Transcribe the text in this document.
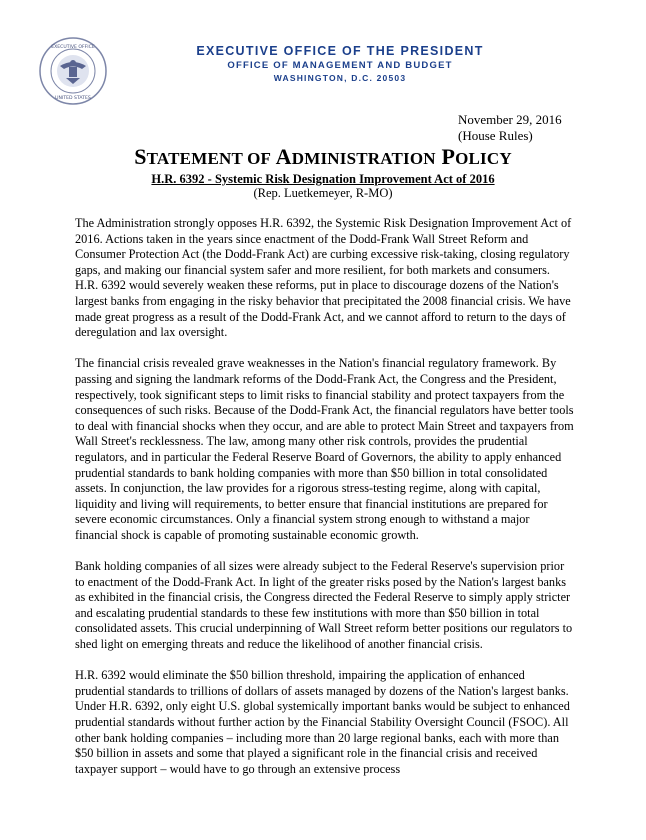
EXECUTIVE OFFICE
UNITED STATES
EXECUTIVE OFFICE OF THE PRESIDENT
OFFICE OF MANAGEMENT AND BUDGET
WASHINGTON, D.C. 20503
November 29, 2016
(House Rules)
STATEMENT OF ADMINISTRATION POLICY
H.R. 6392 - Systemic Risk Designation Improvement Act of 2016
(Rep. Luetkemeyer, R-MO)

The Administration strongly opposes H.R. 6392, the Systemic Risk Designation Improvement Act of 2016. Actions taken in the years since enactment of the Dodd-Frank Wall Street Reform and Consumer Protection Act (the Dodd-Frank Act) are curbing excessive risk-taking, closing regulatory gaps, and making our financial system safer and more resilient, for both markets and consumers. H.R. 6392 would severely weaken these reforms, put in place to discourage dozens of the Nation's largest banks from engaging in the risky behavior that precipitated the 2008 financial crisis. We have made great progress as a result of the Dodd-Frank Act, and we cannot afford to return to the days of deregulation and lax oversight.

The financial crisis revealed grave weaknesses in the Nation's financial regulatory framework. By passing and signing the landmark reforms of the Dodd-Frank Act, the Congress and the President, respectively, took significant steps to limit risks to financial stability and protect taxpayers from the consequences of such risks. Because of the Dodd-Frank Act, the financial regulators have better tools to deal with financial shocks when they occur, and are able to protect Main Street and taxpayers from Wall Street's recklessness. The law, among many other risk controls, provides the prudential regulators, and in particular the Federal Reserve Board of Governors, the ability to apply enhanced prudential standards to bank holding companies with more than $50 billion in total consolidated assets. In conjunction, the law provides for a rigorous stress-testing regime, along with capital, liquidity and living will requirements, to better ensure that financial institutions are prepared for severe economic circumstances. Only a financial system strong enough to withstand a major financial shock is capable of promoting sustainable economic growth.

Bank holding companies of all sizes were already subject to the Federal Reserve's supervision prior to enactment of the Dodd-Frank Act. In light of the greater risks posed by the Nation's largest banks as exhibited in the financial crisis, the Congress directed the Federal Reserve to simply apply stricter and escalating prudential standards to these few institutions with more than $50 billion in total consolidated assets. This crucial underpinning of Wall Street reform better positions our regulators to shed light on emerging threats and reduce the likelihood of another financial crisis.

H.R. 6392 would eliminate the $50 billion threshold, impairing the application of enhanced prudential standards to trillions of dollars of assets managed by dozens of the Nation's largest banks. Under H.R. 6392, only eight U.S. global systemically important banks would be subject to enhanced prudential standards without further action by the Financial Stability Oversight Council (FSOC). All other bank holding companies – including more than 20 large regional banks, each with more than $50 billion in assets and some that played a significant role in the financial crisis and received taxpayer support – would have to go through an extensive process
